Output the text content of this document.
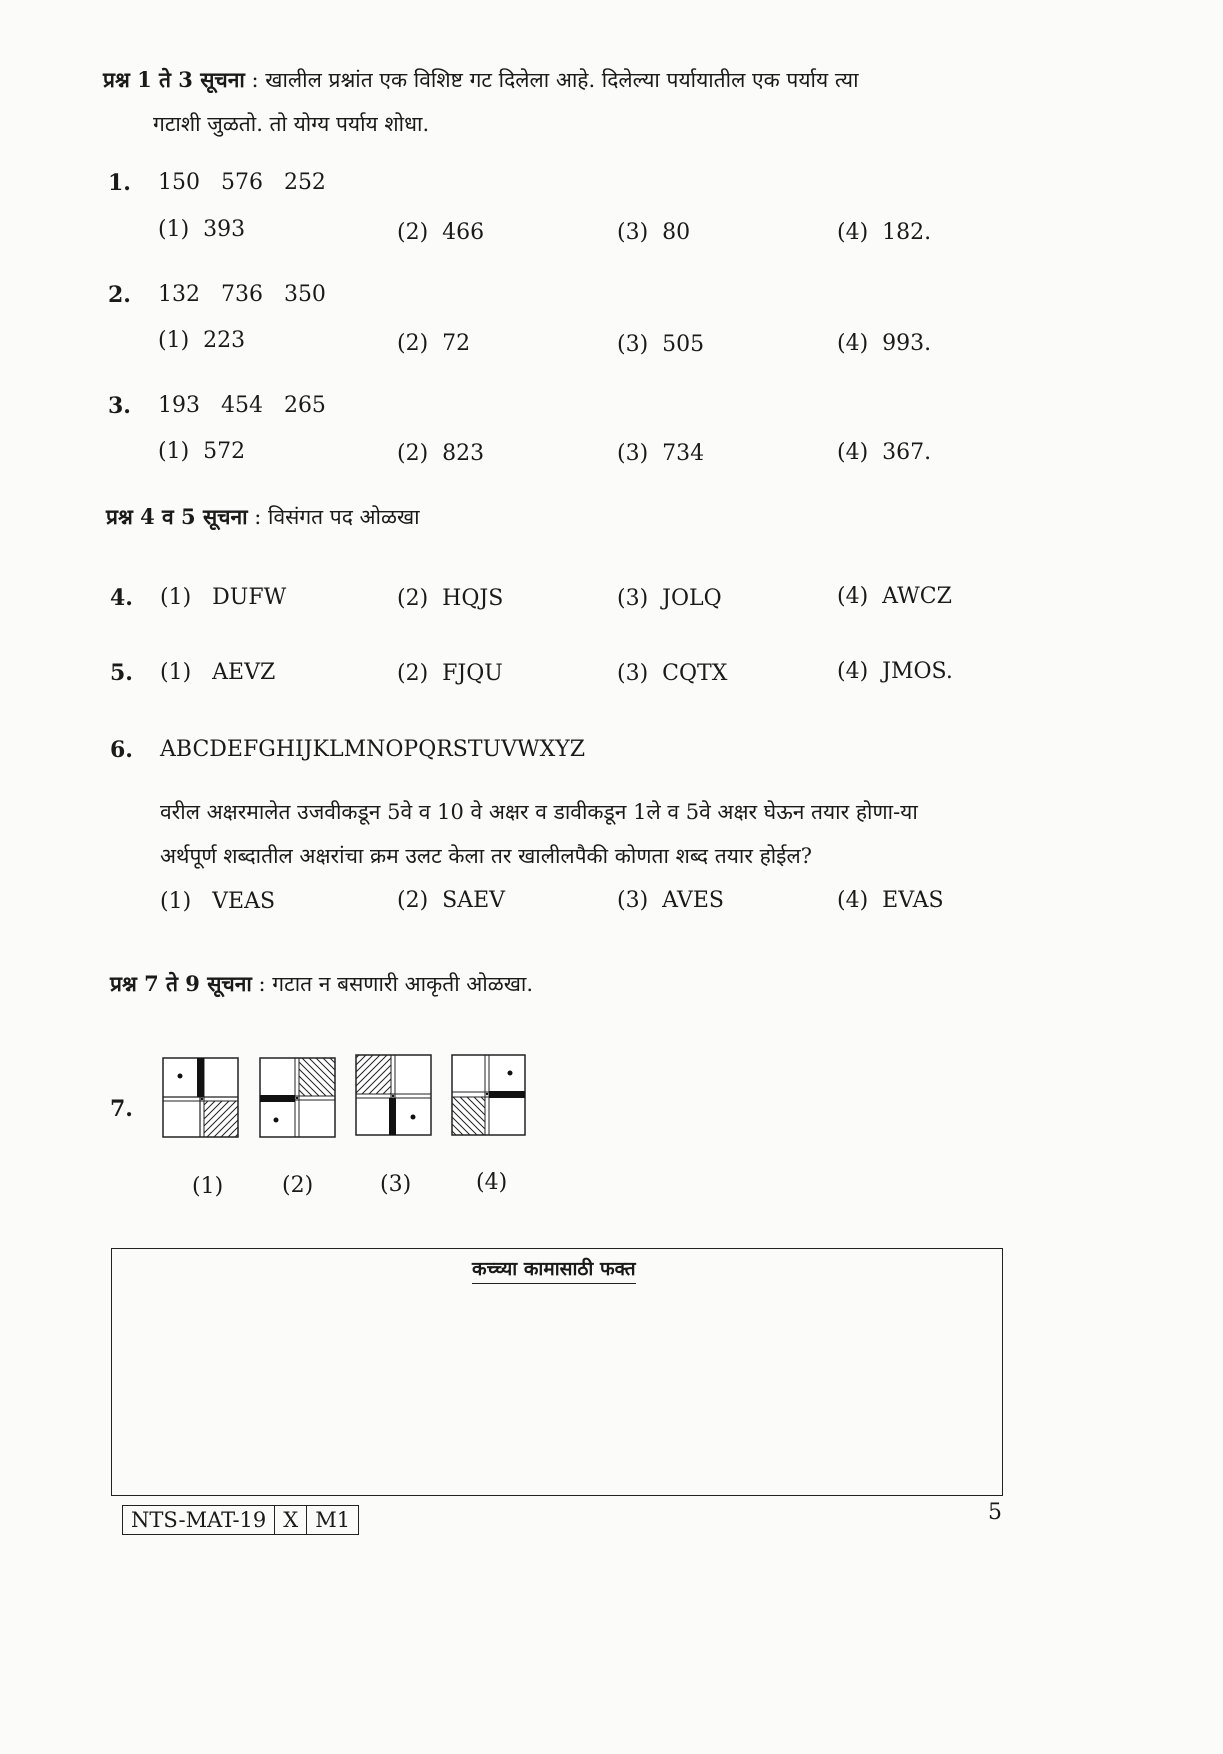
प्रश्न 1 ते 3 सूचना : खालील प्रश्नांत एक विशिष्ट गट दिलेला आहे. दिलेल्या पर्यायातील एक पर्याय त्या
गटाशी जुळतो. तो योग्य पर्याय शोधा.
1. 150   576   252
(1)  393	(2)  466	(3)  80	(4)  182.
2. 132   736   350
(1)  223	(2)  72	(3)  505	(4)  993.
3. 193   454   265
(1)  572	(2)  823	(3)  734	(4)  367.
प्रश्न 4 व 5 सूचना : विसंगत पद ओळखा
4. (1)   DUFW	(2)  HQJS	(3)  JOLQ	(4)  AWCZ
5. (1)   AEVZ	(2)  FJQU	(3)  CQTX	(4)  JMOS.
6. ABCDEFGHIJKLMNOPQRSTUVWXYZ
वरील अक्षरमालेत उजवीकडून 5वे व 10 वे अक्षर व डावीकडून 1ले व 5वे अक्षर घेऊन तयार होणा-या
अर्थपूर्ण शब्दातील अक्षरांचा क्रम उलट केला तर खालीलपैकी कोणता शब्द तयार होईल?
(1)   VEAS	(2)  SAEV	(3)  AVES	(4)  EVAS
प्रश्न 7 ते 9 सूचना : गटात न बसणारी आकृती ओळखा.
7.
(1)	(2)	(3)	(4)
कच्च्या कामासाठी फक्त
NTS-MAT-19 X M1	5
